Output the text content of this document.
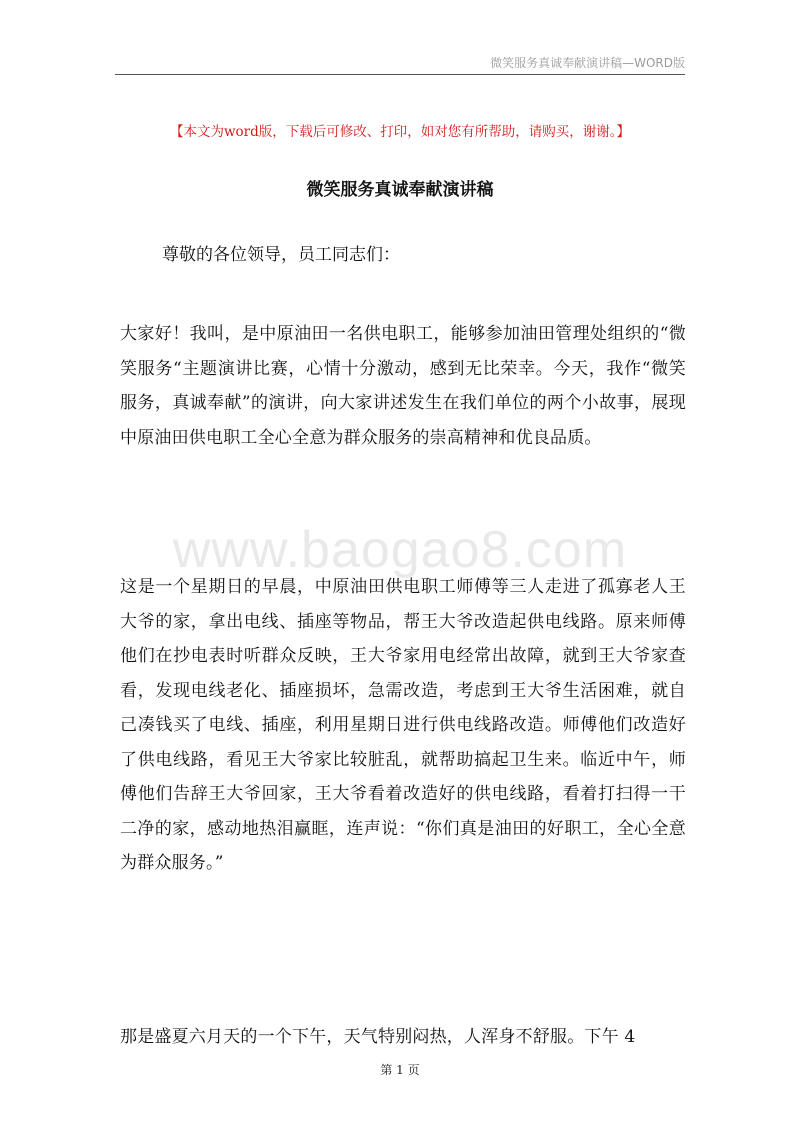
微笑服务真诚奉献演讲稿—WORD版
【本文为word版，下载后可修改、打印，如对您有所帮助，请购买，谢谢。】
微笑服务真诚奉献演讲稿
尊敬的各位领导，员工同志们：
www.baogao8.com
大家好！我叫，是中原油田一名供电职工，能够参加油田管理处组织的“微笑服务“主题演讲比赛，心情十分激动，感到无比荣幸。今天，我作“微笑服务，真诚奉献”的演讲，向大家讲述发生在我们单位的两个小故事，展现中原油田供电职工全心全意为群众服务的崇高精神和优良品质。
这是一个星期日的早晨，中原油田供电职工师傅等三人走进了孤寡老人王大爷的家，拿出电线、插座等物品，帮王大爷改造起供电线路。原来师傅他们在抄电表时听群众反映，王大爷家用电经常出故障，就到王大爷家查看，发现电线老化、插座损坏，急需改造，考虑到王大爷生活困难，就自己凑钱买了电线、插座，利用星期日进行供电线路改造。师傅他们改造好了供电线路，看见王大爷家比较脏乱，就帮助搞起卫生来。临近中午，师傅他们告辞王大爷回家，王大爷看着改造好的供电线路，看着打扫得一干二净的家，感动地热泪赢眶，连声说：“你们真是油田的好职工，全心全意为群众服务。”
那是盛夏六月天的一个下午，天气特别闷热，人浑身不舒服。下午 4
第 1 页
